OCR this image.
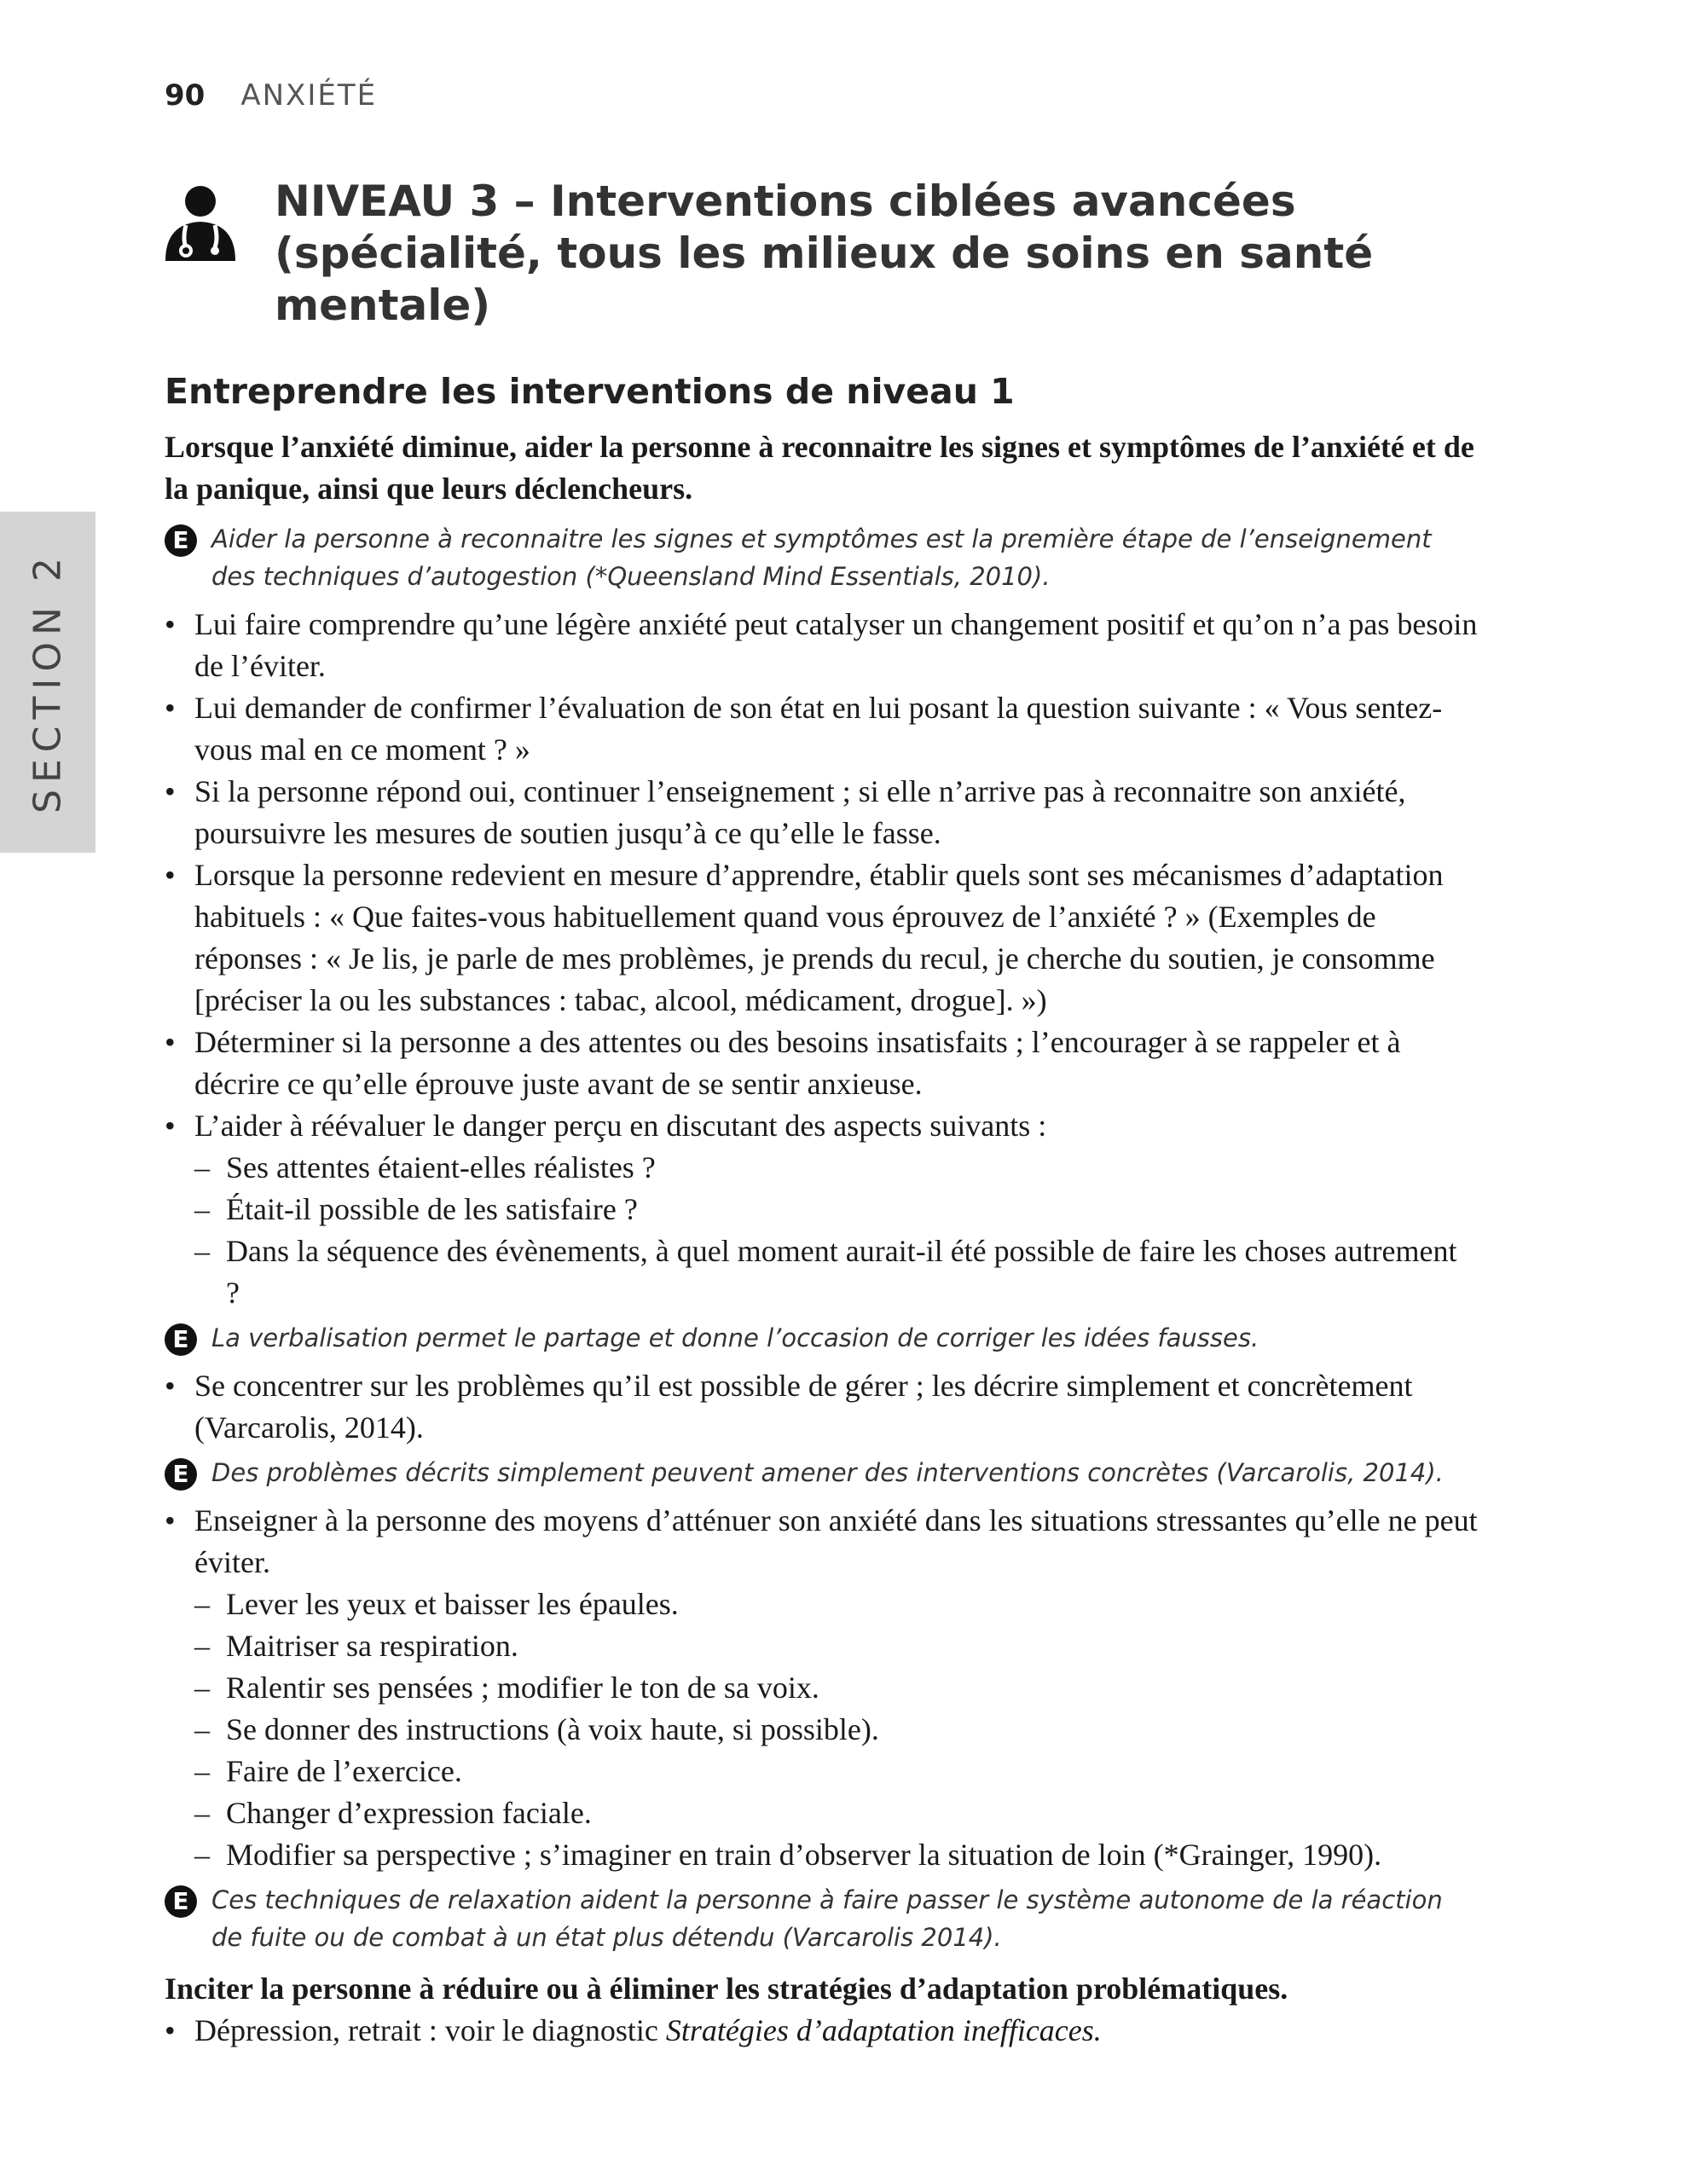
90 ANXIÉTÉ
SECTION 2
NIVEAU 3 – Interventions ciblées avancées (spécialité, tous les milieux de soins en santé mentale)
Entreprendre les interventions de niveau 1

Lorsque l’anxiété diminue, aider la personne à reconnaitre les signes et symptômes de l’anxiété et de la panique, ainsi que leurs déclencheurs.

E Aider la personne à reconnaitre les signes et symptômes est la première étape de l’enseignement des techniques d’autogestion (*Queensland Mind Essentials, 2010).

• Lui faire comprendre qu’une légère anxiété peut catalyser un changement positif et qu’on n’a pas besoin de l’éviter.

• Lui demander de confirmer l’évaluation de son état en lui posant la question suivante : « Vous sentez-vous mal en ce moment ? »

• Si la personne répond oui, continuer l’enseignement ; si elle n’arrive pas à reconnaitre son anxiété, poursuivre les mesures de soutien jusqu’à ce qu’elle le fasse.

• Lorsque la personne redevient en mesure d’apprendre, établir quels sont ses mécanismes d’adaptation habituels : « Que faites-vous habituellement quand vous éprouvez de l’anxiété ? » (Exemples de réponses : « Je lis, je parle de mes problèmes, je prends du recul, je cherche du soutien, je consomme [préciser la ou les substances : tabac, alcool, médicament, drogue]. »)

• Déterminer si la personne a des attentes ou des besoins insatisfaits ; l’encourager à se rappeler et à décrire ce qu’elle éprouve juste avant de se sentir anxieuse.

• L’aider à réévaluer le danger perçu en discutant des aspects suivants :

– Ses attentes étaient-elles réalistes ?

– Était-il possible de les satisfaire ?

– Dans la séquence des évènements, à quel moment aurait-il été possible de faire les choses autrement ?

E La verbalisation permet le partage et donne l’occasion de corriger les idées fausses.

• Se concentrer sur les problèmes qu’il est possible de gérer ; les décrire simplement et concrètement (Varcarolis, 2014).

E Des problèmes décrits simplement peuvent amener des interventions concrètes (Varcarolis, 2014).

• Enseigner à la personne des moyens d’atténuer son anxiété dans les situations stressantes qu’elle ne peut éviter.

– Lever les yeux et baisser les épaules.

– Maitriser sa respiration.

– Ralentir ses pensées ; modifier le ton de sa voix.

– Se donner des instructions (à voix haute, si possible).

– Faire de l’exercice.

– Changer d’expression faciale.

– Modifier sa perspective ; s’imaginer en train d’observer la situation de loin (*Grainger, 1990).

E Ces techniques de relaxation aident la personne à faire passer le système autonome de la réaction de fuite ou de combat à un état plus détendu (Varcarolis 2014).

Inciter la personne à réduire ou à éliminer les stratégies d’adaptation problématiques.

• Dépression, retrait : voir le diagnostic Stratégies d’adaptation inefficaces.
